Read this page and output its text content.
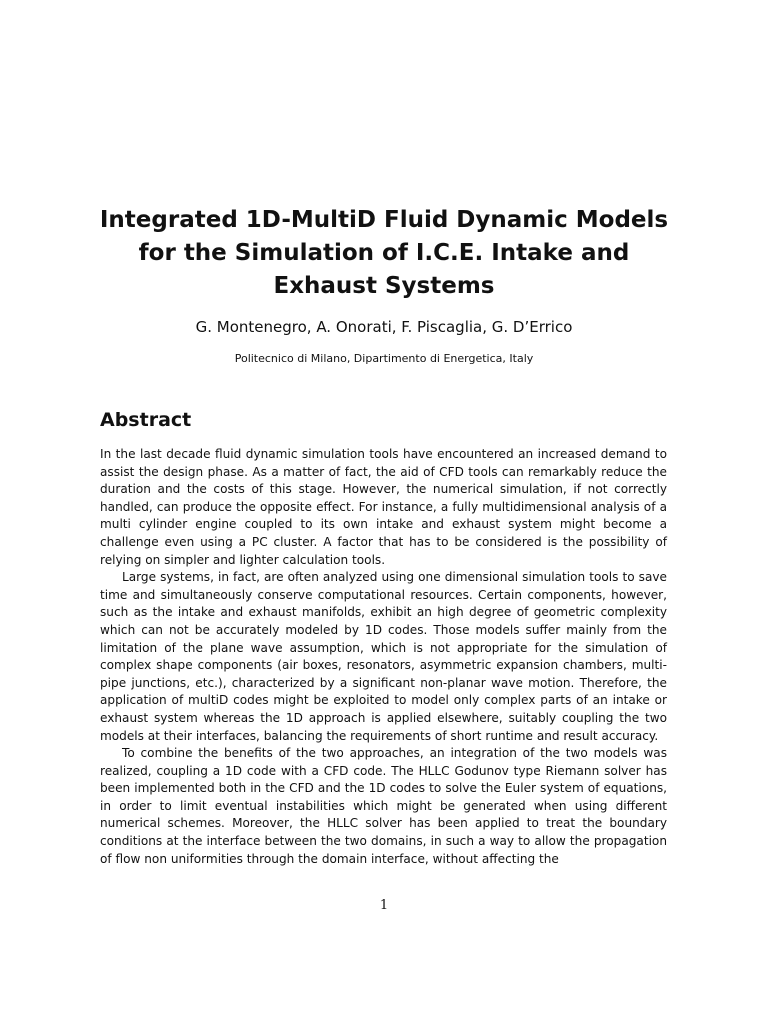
Integrated 1D-MultiD Fluid Dynamic Models for the Simulation of I.C.E. Intake and Exhaust Systems
G. Montenegro, A. Onorati, F. Piscaglia, G. D’Errico
Politecnico di Milano, Dipartimento di Energetica, Italy
Abstract

In the last decade fluid dynamic simulation tools have encountered an increased demand to assist the design phase. As a matter of fact, the aid of CFD tools can remarkably reduce the duration and the costs of this stage. However, the numerical simulation, if not correctly handled, can produce the opposite effect. For instance, a fully multidimensional analysis of a multi cylinder engine coupled to its own intake and exhaust system might become a challenge even using a PC cluster. A factor that has to be considered is the possibility of relying on simpler and lighter calculation tools.

Large systems, in fact, are often analyzed using one dimensional simulation tools to save time and simultaneously conserve computational resources. Certain components, however, such as the intake and exhaust manifolds, exhibit an high degree of geometric complexity which can not be accurately modeled by 1D codes. Those models suffer mainly from the limitation of the plane wave assumption, which is not appropriate for the simulation of complex shape components (air boxes, resonators, asymmetric expansion chambers, multi-pipe junctions, etc.), characterized by a significant non-planar wave motion. Therefore, the application of multiD codes might be exploited to model only complex parts of an intake or exhaust system whereas the 1D approach is applied elsewhere, suitably coupling the two models at their interfaces, balancing the requirements of short runtime and result accuracy.

To combine the benefits of the two approaches, an integration of the two models was realized, coupling a 1D code with a CFD code. The HLLC Godunov type Riemann solver has been implemented both in the CFD and the 1D codes to solve the Euler system of equations, in order to limit eventual instabilities which might be generated when using different numerical schemes. Moreover, the HLLC solver has been applied to treat the boundary conditions at the interface between the two domains, in such a way to allow the propagation of flow non uniformities through the domain interface, without affecting the

1
